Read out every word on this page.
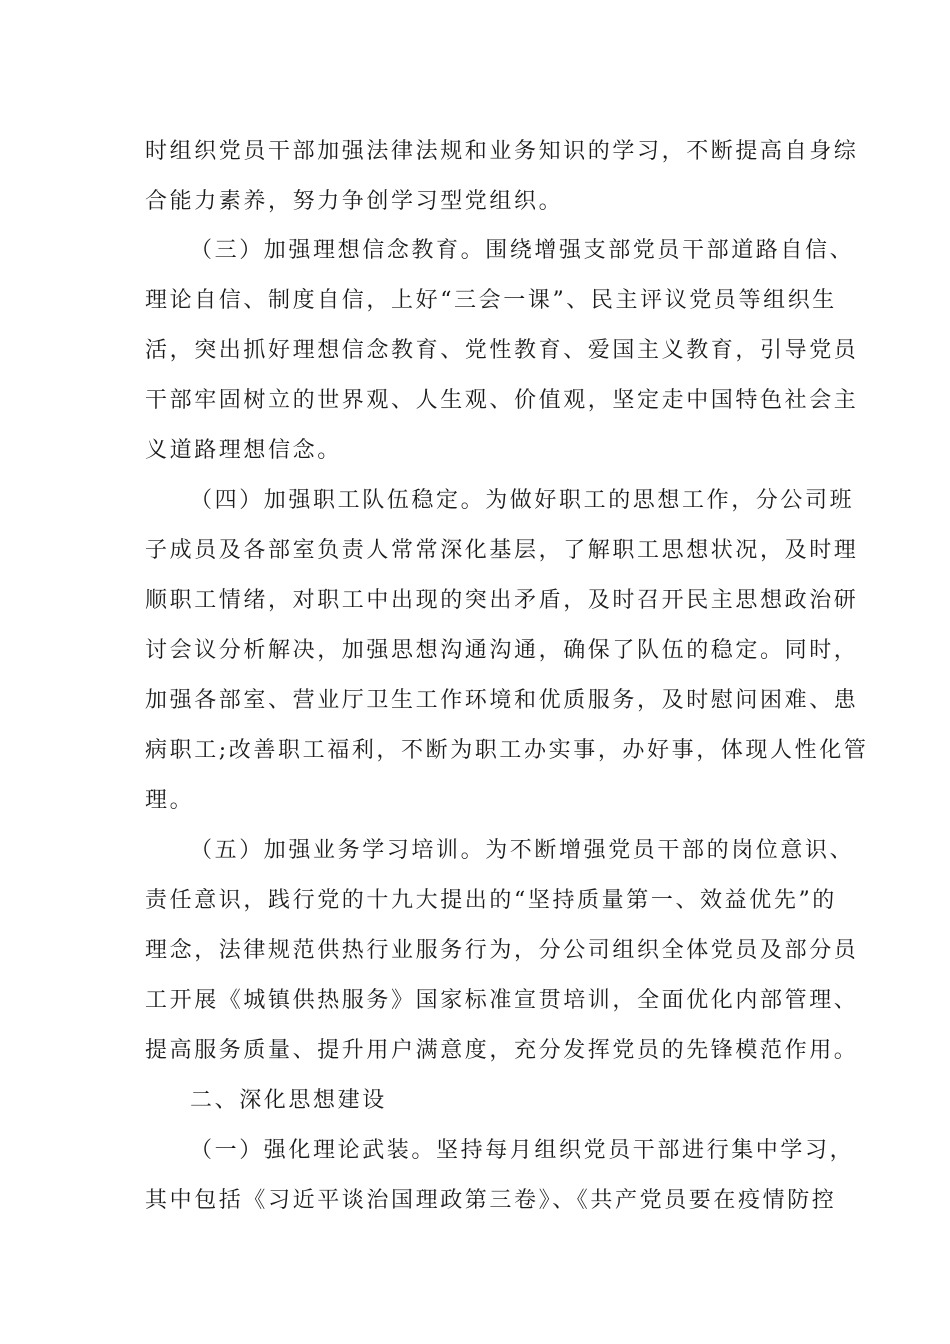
时组织党员干部加强法律法规和业务知识的学习，不断提高自身综
合能力素养，努力争创学习型党组织。
（三）加强理想信念教育。围绕增强支部党员干部道路自信、
理论自信、制度自信，上好“三会一课”、民主评议党员等组织生
活，突出抓好理想信念教育、党性教育、爱国主义教育，引导党员
干部牢固树立的世界观、人生观、价值观，坚定走中国特色社会主
义道路理想信念。
（四）加强职工队伍稳定。为做好职工的思想工作，分公司班
子成员及各部室负责人常常深化基层，了解职工思想状况，及时理
顺职工情绪，对职工中出现的突出矛盾，及时召开民主思想政治研
讨会议分析解决，加强思想沟通沟通，确保了队伍的稳定。同时，
加强各部室、营业厅卫生工作环境和优质服务，及时慰问困难、患
病职工;改善职工福利，不断为职工办实事，办好事，体现人性化管
理。
（五）加强业务学习培训。为不断增强党员干部的岗位意识、
责任意识，践行党的十九大提出的“坚持质量第一、效益优先”的
理念，法律规范供热行业服务行为，分公司组织全体党员及部分员
工开展《城镇供热服务》国家标准宣贯培训，全面优化内部管理、
提高服务质量、提升用户满意度，充分发挥党员的先锋模范作用。
二、深化思想建设
（一）强化理论武装。坚持每月组织党员干部进行集中学习，
其中包括《习近平谈治国理政第三卷》、《共产党员要在疫情防控
